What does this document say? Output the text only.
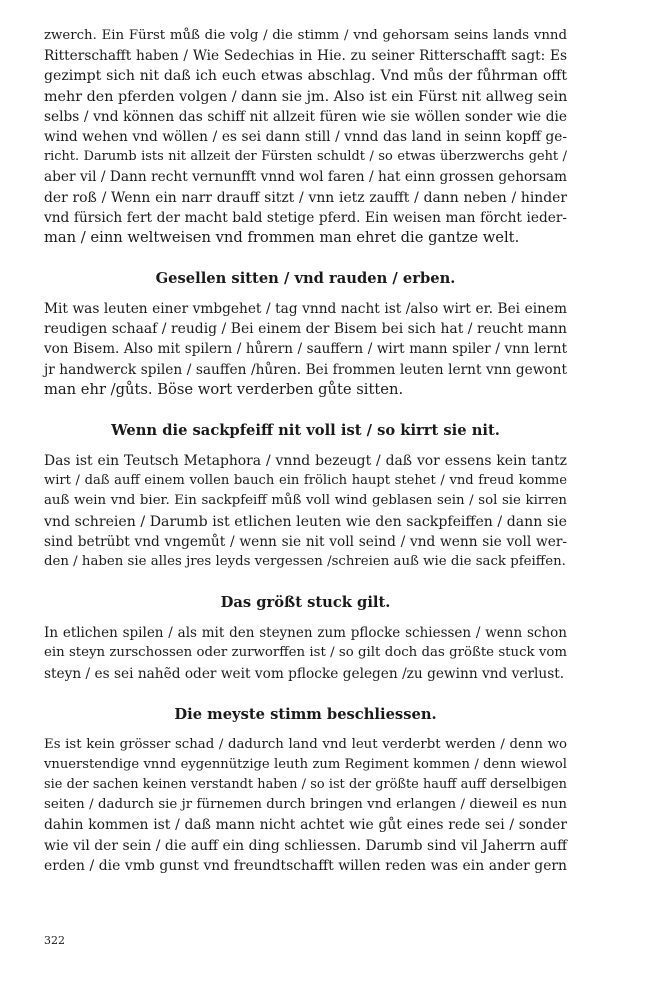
zwerch. Ein Fürst můß die volg / die stimm / vnd gehorsam seins lands vnnd
Ritterschafft haben / Wie Sedechias in Hie. zu seiner Ritterschafft sagt: Es
gezimpt sich nit daß ich euch etwas abschlag. Vnd můs der fůhrman offt
mehr den pferden volgen / dann sie jm. Also ist ein Fürst nit allweg sein
selbs / vnd können das schiff nit allzeit füren wie sie wöllen sonder wie die
wind wehen vnd wöllen / es sei dann still / vnnd das land in seinn kopff ge-
richt. Darumb ists nit allzeit der Fürsten schuldt / so etwas überzwerchs geht /
aber vil / Dann recht vernunfft vnnd wol faren / hat einn grossen gehorsam
der roß / Wenn ein narr drauff sitzt / vnn ietz zaufft / dann neben / hinder
vnd fürsich fert der macht bald stetige pferd. Ein weisen man förcht ieder-
man / einn weltweisen vnd frommen man ehret die gantze welt.

Gesellen sitten / vnd rauden / erben.

Mit was leuten einer vmbgehet / tag vnnd nacht ist /also wirt er. Bei einem
reudigen schaaf / reudig / Bei einem der Bisem bei sich hat / reucht mann
von Bisem. Also mit spilern / hůrern / sauffern / wirt mann spiler / vnn lernt
jr handwerck spilen / sauffen /hůren. Bei frommen leuten lernt vnn gewont
man ehr /gůts. Böse wort verderben gůte sitten.

Wenn die sackpfeiff nit voll ist / so kirrt sie nit.

Das ist ein Teutsch Metaphora / vnnd bezeugt / daß vor essens kein tantz
wirt / daß auff einem vollen bauch ein frölich haupt stehet / vnd freud komme
auß wein vnd bier. Ein sackpfeiff můß voll wind geblasen sein / sol sie kirren
vnd schreien / Darumb ist etlichen leuten wie den sackpfeiffen / dann sie
sind betrübt vnd vngemůt / wenn sie nit voll seind / vnd wenn sie voll wer-
den / haben sie alles jres leyds vergessen /schreien auß wie die sack pfeiffen.

Das größt stuck gilt.

In etlichen spilen / als mit den steynen zum pflocke schiessen / wenn schon
ein steyn zurschossen oder zurworffen ist / so gilt doch das größte stuck vom
steyn / es sei nahẽd oder weit vom pflocke gelegen /zu gewinn vnd verlust.

Die meyste stimm beschliessen.

Es ist kein grösser schad / dadurch land vnd leut verderbt werden / denn wo
vnuerstendige vnnd eygennützige leuth zum Regiment kommen / denn wiewol
sie der sachen keinen verstandt haben / so ist der größte hauff auff derselbigen
seiten / dadurch sie jr fürnemen durch bringen vnd erlangen / dieweil es nun
dahin kommen ist / daß mann nicht achtet wie gůt eines rede sei / sonder
wie vil der sein / die auff ein ding schliessen. Darumb sind vil Jaherrn auff
erden / die vmb gunst vnd freundtschafft willen reden was ein ander gern

322
